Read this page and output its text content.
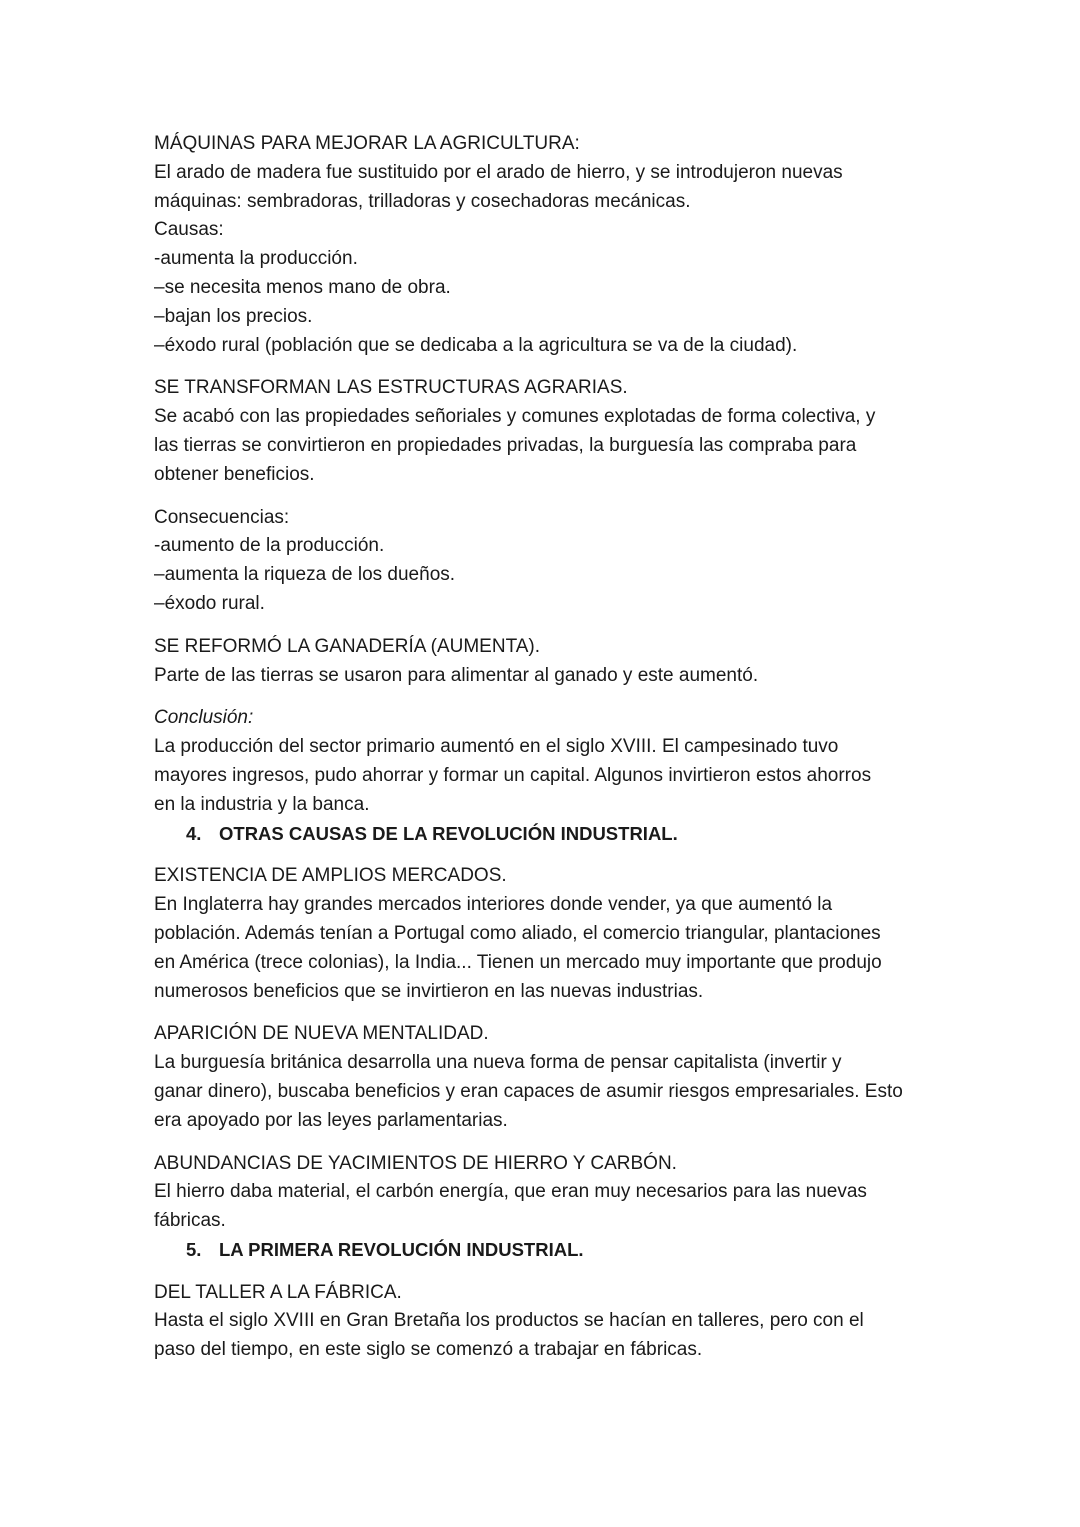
MÁQUINAS PARA MEJORAR LA AGRICULTURA:

El arado de madera fue sustituido por el arado de hierro, y se introdujeron nuevas

máquinas: sembradoras, trilladoras y cosechadoras mecánicas.

Causas:

-aumenta la producción.

–se necesita menos mano de obra.

–bajan los precios.

–éxodo rural (población que se dedicaba a la agricultura se va de la ciudad).

SE TRANSFORMAN LAS ESTRUCTURAS AGRARIAS.

Se acabó con las propiedades señoriales y comunes explotadas de forma colectiva, y

las tierras se convirtieron en propiedades privadas, la burguesía las compraba para

obtener beneficios.

Consecuencias:

-aumento de la producción.

–aumenta la riqueza de los dueños.

–éxodo rural.

SE REFORMÓ LA GANADERÍA (AUMENTA).

Parte de las tierras se usaron para alimentar al ganado y este aumentó.

Conclusión:

La producción del sector primario aumentó en el siglo XVIII. El campesinado tuvo

mayores ingresos, pudo ahorrar y formar un capital. Algunos invirtieron estos ahorros

en la industria y la banca.

4. OTRAS CAUSAS DE LA REVOLUCIÓN INDUSTRIAL.

EXISTENCIA DE AMPLIOS MERCADOS.

En Inglaterra hay grandes mercados interiores donde vender, ya que aumentó la

población. Además tenían a Portugal como aliado, el comercio triangular, plantaciones

en América (trece colonias), la India... Tienen un mercado muy importante que produjo

numerosos beneficios que se invirtieron en las nuevas industrias.

APARICIÓN DE NUEVA MENTALIDAD.

La burguesía británica desarrolla una nueva forma de pensar capitalista (invertir y

ganar dinero), buscaba beneficios y eran capaces de asumir riesgos empresariales. Esto

era apoyado por las leyes parlamentarias.

ABUNDANCIAS DE YACIMIENTOS DE HIERRO Y CARBÓN.

El hierro daba material, el carbón energía, que eran muy necesarios para las nuevas

fábricas.

5. LA PRIMERA REVOLUCIÓN INDUSTRIAL.

DEL TALLER A LA FÁBRICA.

Hasta el siglo XVIII en Gran Bretaña los productos se hacían en talleres, pero con el

paso del tiempo, en este siglo se comenzó a trabajar en fábricas.
